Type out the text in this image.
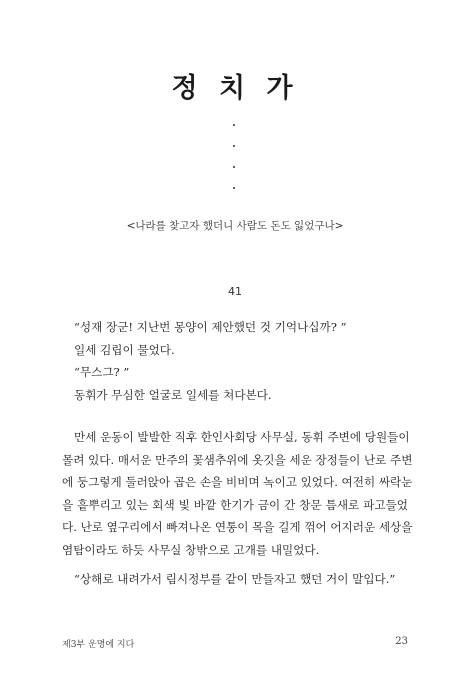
정 치 가
<나라를 찾고자 했더니 사람도 돈도 잃었구나>
41
“성재 장군! 지난번 몽양이 제안했던 것 기억나십까? ”
일세 김립이 물었다.
“무스그? ”
동휘가 무심한 얼굴로 일세를 쳐다본다.
만세 운동이 발발한 직후 한인사회당 사무실, 동휘 주변에 당원들이
몰려 있다. 매서운 만주의 꽃샘추위에 옷깃을 세운 장정들이 난로 주변
에 둥그렇게 둘러앉아 곱은 손을 비비며 녹이고 있었다. 여전히 싸락눈
을 흩뿌리고 있는 회색 빛 바깥 한기가 금이 간 창문 틈새로 파고들었
다. 난로 옆구리에서 빠져나온 연통이 목을 길게 꺾어 어지러운 세상을
염탐이라도 하듯 사무실 창밖으로 고개를 내밀었다.
“상해로 내려가서 림시정부를 같이 만들자고 했던 거이 말입다.”
제3부 운명에 지다	23
